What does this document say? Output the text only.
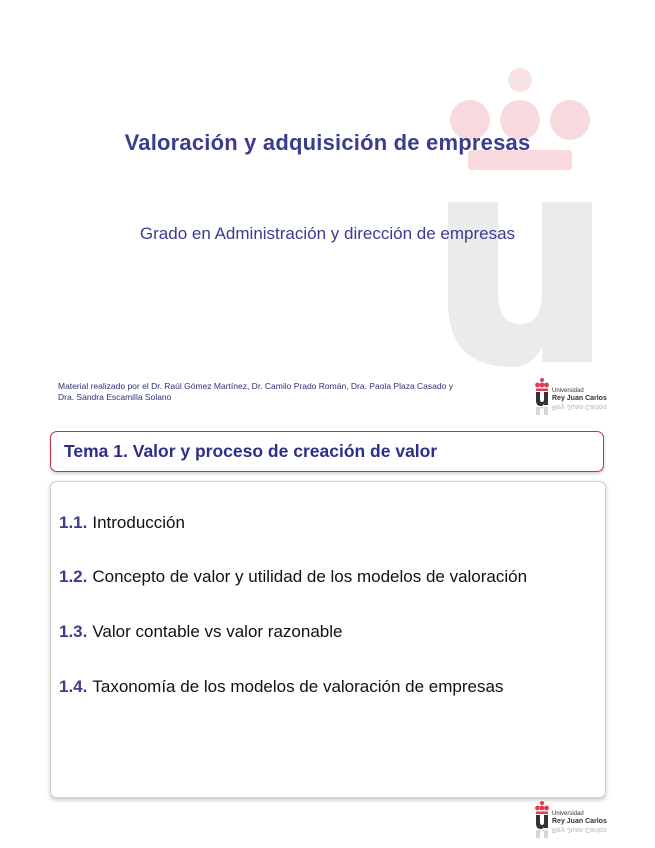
Valoración y adquisición de empresas
Grado en Administración y dirección de empresas
Material realizado por el Dr. Raúl Gómez Martínez, Dr. Camilo Prado Román, Dra. Paola Plaza Casado y
Dra. Sandra Escamilla Solano
Universidad
Rey Juan Carlos
Rey Juan Carlos
Tema 1. Valor y proceso de creación de valor
1.1. Introducción
1.2. Concepto de valor y utilidad de los modelos de valoración
1.3. Valor contable vs valor razonable
1.4. Taxonomía de los modelos de valoración de empresas
Universidad
Rey Juan Carlos
Rey Juan Carlos
